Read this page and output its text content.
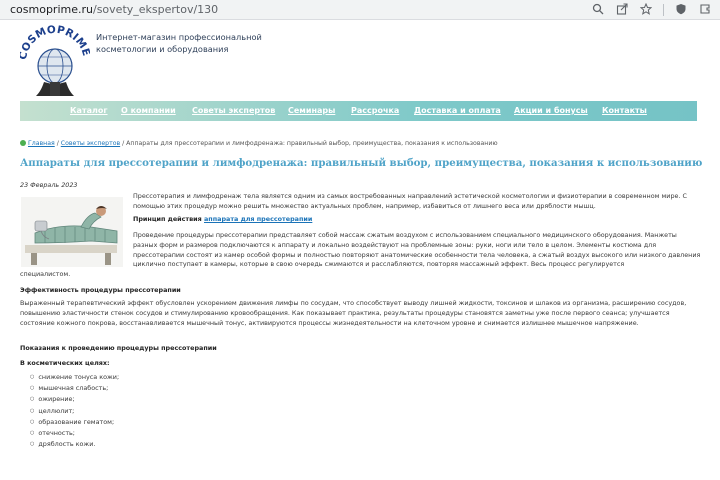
cosmoprime.ru/sovety_ekspertov/130
OSMOPRIM Интернет-магазин профессиональной
косметологии и оборудования
Каталог О компании Советы экспертов Семинары Рассрочка Доставка и оплата Акции и бонусы Контакты
Главная / Советы экспертов / Аппараты для прессотерапии и лимфодренажа: правильный выбор, преимущества, показания к использованию
Аппараты для прессотерапии и лимфодренажа: правильный выбор, преимущества, показания к использованию
23 Февраль 2023
Прессотерапия и лимфодренаж тела является одним из самых востребованных направлений эстетической косметологии и физиотерапии в современном мире. С помощью этих процедур можно решить множество актуальных проблем, например, избавиться от лишнего веса или дряблости мышц.
Принцип действия аппарата для прессотерапии
Проведение процедуры прессотерапии представляет собой массаж сжатым воздухом с использованием специального медицинского оборудования. Манжеты разных форм и размеров подключаются к аппарату и локально воздействуют на проблемные зоны: руки, ноги или тело в целом. Элементы костюма для прессотерапии состоят из камер особой формы и полностью повторяют анатомические особенности тела человека, а сжатый воздух высокого или низкого давления циклично поступает в камеры, которые в свою очередь сжимаются и расслабляются, повторяя массажный эффект. Весь процесс регулируется
специалистом.
Эффективность процедуры прессотерапии
Выраженный терапевтический эффект обусловлен ускорением движения лимфы по сосудам, что способствует выводу лишней жидкости, токсинов и шлаков из организма, расширению сосудов, повышению эластичности стенок сосудов и стимулированию кровообращения. Как показывает практика, результаты процедуры становятся заметны уже после первого сеанса; улучшается состояние кожного покрова, восстанавливается мышечный тонус, активируются процессы жизнедеятельности на клеточном уровне и снимается излишнее мышечное напряжение.
Показания к проведению процедуры прессотерапии
В косметических целях:
○ снижение тонуса кожи;
○ мышечная слабость;
○ ожирение;
○ целлюлит;
○ образование гематом;
○ отечность;
○ дряблость кожи.
